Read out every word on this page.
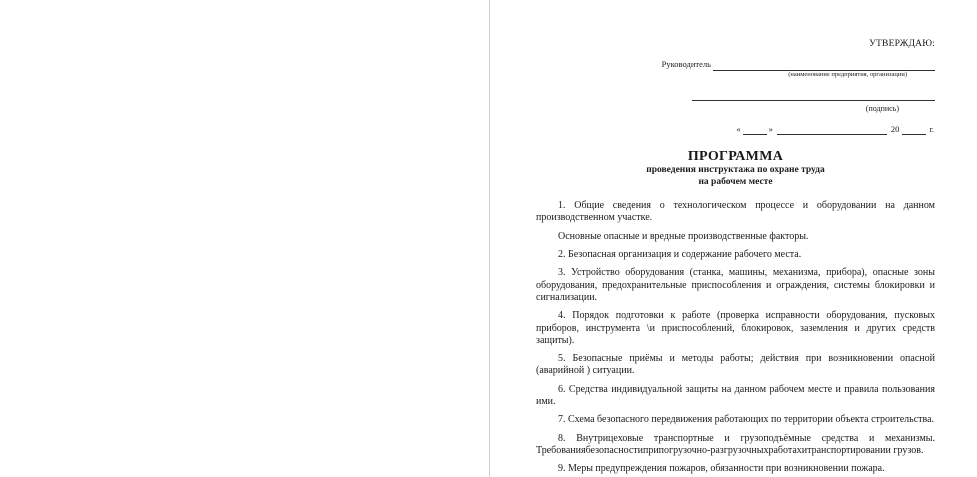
УТВЕРЖДАЮ:
Руководитель
(наименование предприятия, организации)
(подпись)
«	»	20	г.
ПРОГРАММА
проведения инструктажа по охране труда
на рабочем месте

1. Общие сведения о технологическом процессе и оборудовании на данном производственном участке.

Основные опасные и вредные производственные факторы.

2. Безопасная организация и содержание рабочего места.

3. Устройство оборудования (станка, машины, механизма, прибора), опасные зоны оборудования, предохранительные приспособления и ограждения, системы блокировки и сигнализации.

4. Порядок подготовки к работе (проверка исправности оборудования, пусковых приборов, инструмента \и приспособлений, блокировок, заземления и других средств защиты).

5. Безопасные приёмы и методы работы; действия при возникновении опасной (аварийной ) ситуации.

6. Средства индивидуальной защиты на данном рабочем месте и правила пользования ими.

7. Схема безопасного передвижения работающих по территории объекта строительства.

8. Внутрицеховые транспортные и грузоподъёмные средства и механизмы. Требованиябезопасностиприпогрузочно-разгрузочныхработахитранспортировании грузов.

9. Меры предупреждения пожаров, обязанности при возникновении пожара.
